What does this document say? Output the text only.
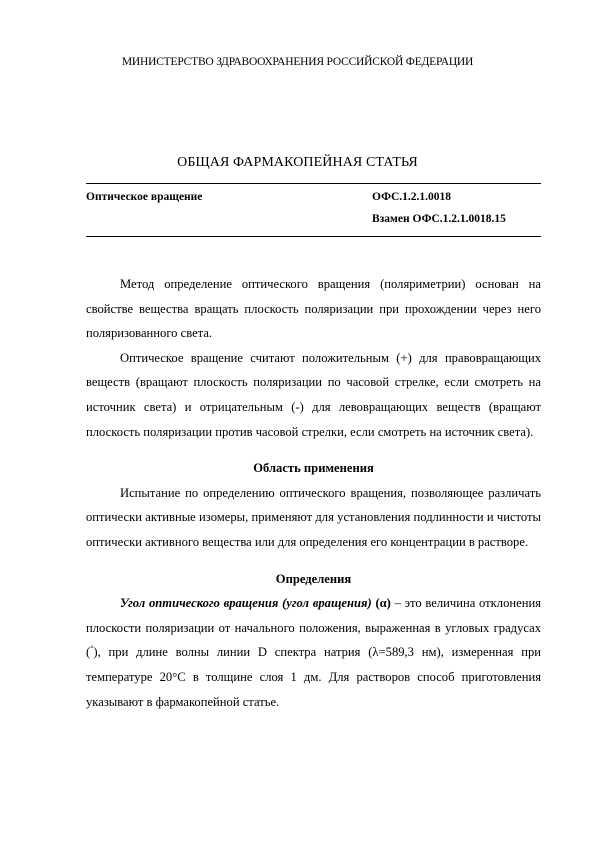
МИНИСТЕРСТВО ЗДРАВООХРАНЕНИЯ РОССИЙСКОЙ ФЕДЕРАЦИИ
ОБЩАЯ ФАРМАКОПЕЙНАЯ СТАТЬЯ
Оптическое вращение	ОФС.1.2.1.0018
Взамен ОФС.1.2.1.0018.15

Метод определение оптического вращения (поляриметрии) основан на свойстве вещества вращать плоскость поляризации при прохождении через него поляризованного света.

Оптическое вращение считают положительным (+) для правовращающих веществ (вращают плоскость поляризации по часовой стрелке, если смотреть на источник света) и отрицательным (-) для левовращающих веществ (вращают плоскость поляризации против часовой стрелки, если смотреть на источник света).

Область применения

Испытание по определению оптического вращения, позволяющее различать оптически активные изомеры, применяют для установления подлинности и чистоты оптически активного вещества или для определения его концентрации в растворе.

Определения

Угол оптического вращения (угол вращения) (α) – это величина отклонения плоскости поляризации от начального положения, выраженная в угловых градусах (°), при длине волны линии D спектра натрия (λ=589,3 нм), измеренная при температуре 20°С в толщине слоя 1 дм. Для растворов способ приготовления указывают в фармакопейной статье.
